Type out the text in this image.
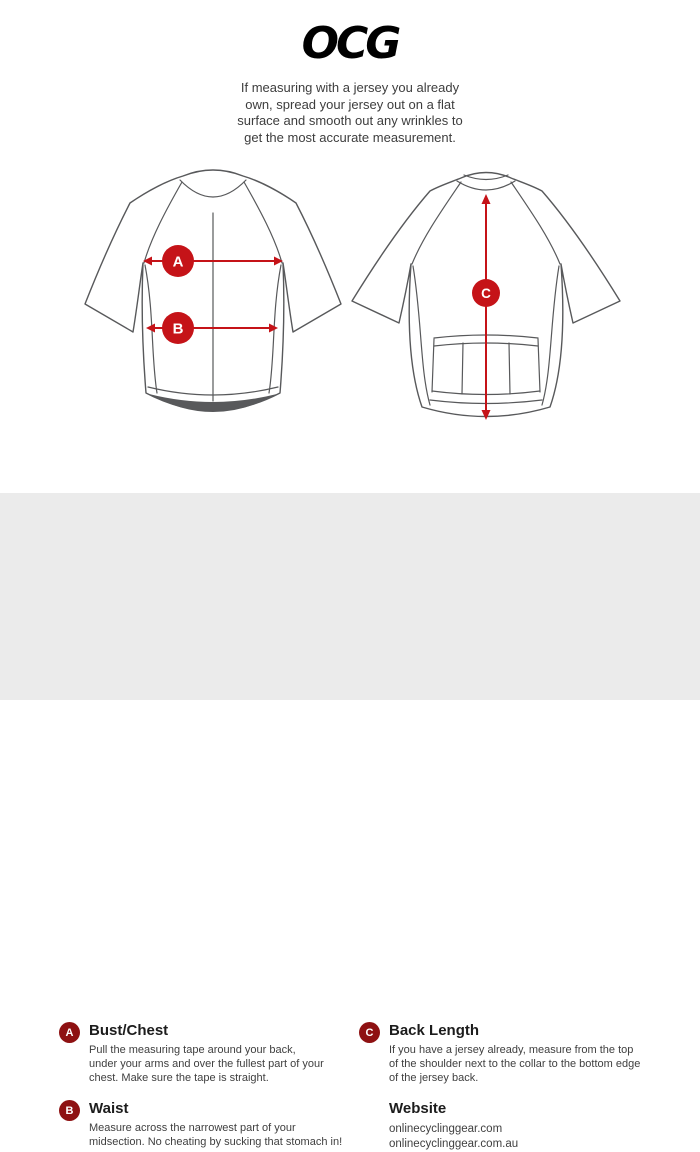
OCG
If measuring with a jersey you already
own, spread your jersey out on a flat
surface and smooth out any wrinkles to
get the most accurate measurement.
A
B
C
A	Bust/Chest
Pull the measuring tape around your back,
under your arms and over the fullest part of your
chest. Make sure the tape is straight.
B	Waist
Measure across the narrowest part of your
midsection. No cheating by sucking that stomach in!
C	Back Length
If you have a jersey already, measure from the top
of the shoulder next to the collar to the bottom edge
of the jersey back.
Website
onlinecyclinggear.com
onlinecyclinggear.com.au
